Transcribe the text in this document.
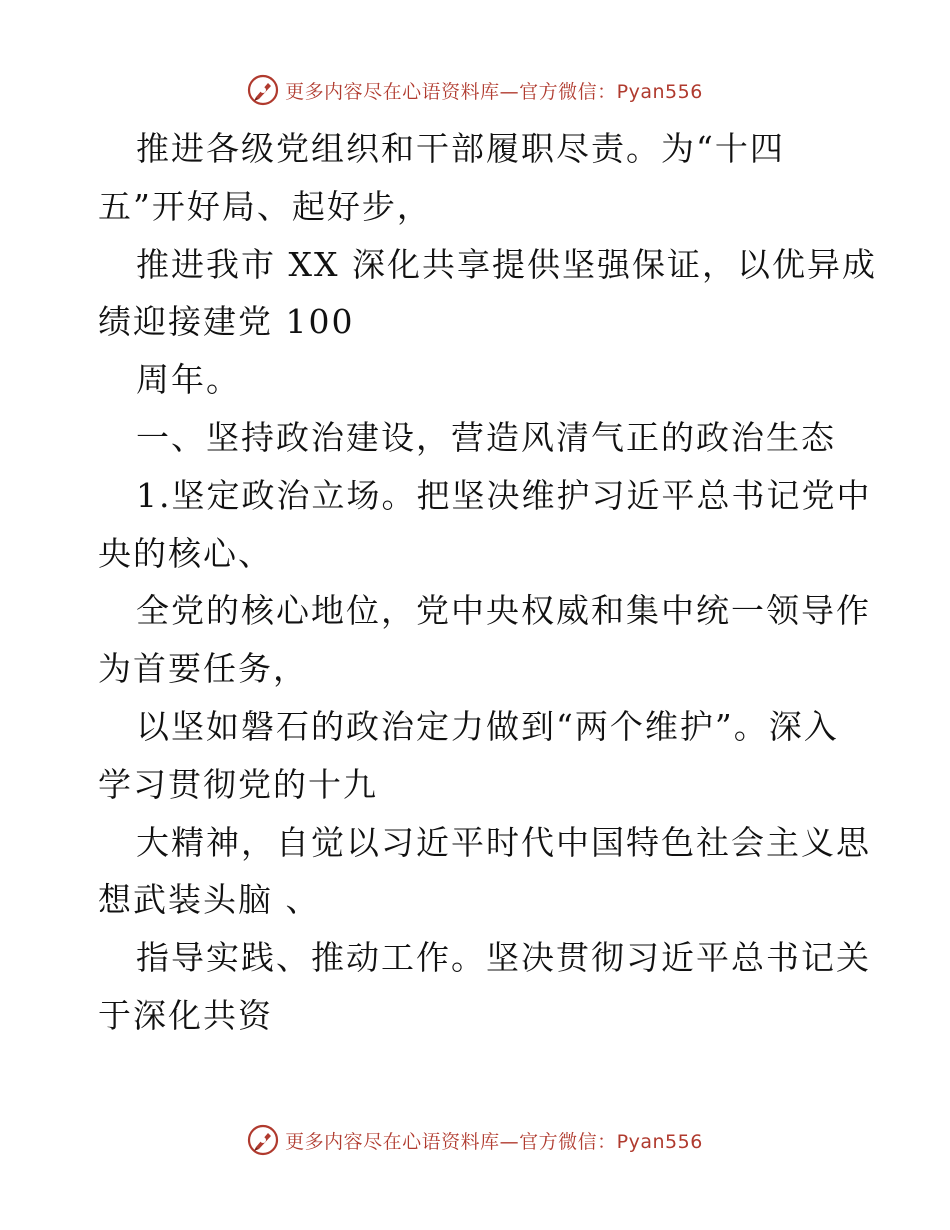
更多内容尽在心语资料库—官方微信：Pyan556
推进各级党组织和干部履职尽责。为“十四
五”开好局、起好步，
推进我市 XX 深化共享提供坚强保证，以优异成
绩迎接建党 100
周年。
一、坚持政治建设，营造风清气正的政治生态
1.坚定政治立场。把坚决维护习近平总书记党中
央的核心、
全党的核心地位，党中央权威和集中统一领导作
为首要任务，
以坚如磐石的政治定力做到“两个维护”。深入
学习贯彻党的十九
大精神，自觉以习近平时代中国特色社会主义思
想武装头脑 、
指导实践、推动工作。坚决贯彻习近平总书记关
于深化共资
更多内容尽在心语资料库—官方微信：Pyan556
